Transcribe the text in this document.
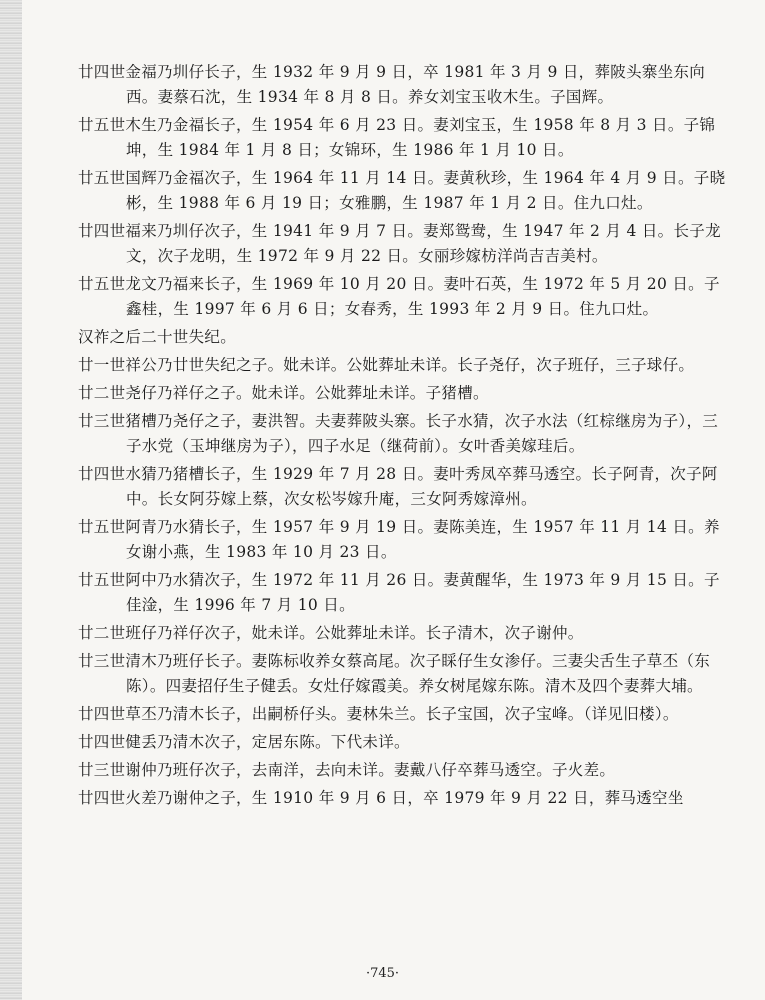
廿四世金福乃圳仔长子，生 1932 年 9 月 9 日，卒 1981 年 3 月 9 日，葬陂头寨坐东向西。妻蔡石沈，生 1934 年 8 月 8 日。养女刘宝玉收木生。子国辉。

廿五世木生乃金福长子，生 1954 年 6 月 23 日。妻刘宝玉，生 1958 年 8 月 3 日。子锦坤，生 1984 年 1 月 8 日；女锦环，生 1986 年 1 月 10 日。

廿五世国辉乃金福次子，生 1964 年 11 月 14 日。妻黄秋珍，生 1964 年 4 月 9 日。子晓彬，生 1988 年 6 月 19 日；女雅鹏，生 1987 年 1 月 2 日。住九口灶。

廿四世福来乃圳仔次子，生 1941 年 9 月 7 日。妻郑鸳鸯，生 1947 年 2 月 4 日。长子龙文，次子龙明，生 1972 年 9 月 22 日。女丽珍嫁枋洋尚吉吉美村。

廿五世龙文乃福来长子，生 1969 年 10 月 20 日。妻叶石英，生 1972 年 5 月 20 日。子鑫桂，生 1997 年 6 月 6 日；女春秀，生 1993 年 2 月 9 日。住九口灶。

汉祚之后二十世失纪。

廿一世祥公乃廿世失纪之子。妣未详。公妣葬址未详。长子尧仔，次子班仔，三子球仔。

廿二世尧仔乃祥仔之子。妣未详。公妣葬址未详。子猪槽。

廿三世猪槽乃尧仔之子，妻洪智。夫妻葬陂头寨。长子水猜，次子水法（红棕继房为子），三子水党（玉坤继房为子），四子水足（继荷前）。女叶香美嫁珪后。

廿四世水猜乃猪槽长子，生 1929 年 7 月 28 日。妻叶秀凤卒葬马透空。长子阿青，次子阿中。长女阿芬嫁上蔡，次女松岑嫁升庵，三女阿秀嫁漳州。

廿五世阿青乃水猜长子，生 1957 年 9 月 19 日。妻陈美连，生 1957 年 11 月 14 日。养女谢小燕，生 1983 年 10 月 23 日。

廿五世阿中乃水猜次子，生 1972 年 11 月 26 日。妻黄醒华，生 1973 年 9 月 15 日。子佳淦，生 1996 年 7 月 10 日。

廿二世班仔乃祥仔次子，妣未详。公妣葬址未详。长子清木，次子谢仲。

廿三世清木乃班仔长子。妻陈标收养女蔡高尾。次子睬仔生女渗仔。三妻尖舌生子草丕（东陈）。四妻招仔生子健丢。女灶仔嫁霞美。养女树尾嫁东陈。清木及四个妻葬大埔。

廿四世草丕乃清木长子，出嗣桥仔头。妻林朱兰。长子宝国，次子宝峰。（详见旧楼）。

廿四世健丢乃清木次子，定居东陈。下代未详。

廿三世谢仲乃班仔次子，去南洋，去向未详。妻戴八仔卒葬马透空。子火差。

廿四世火差乃谢仲之子，生 1910 年 9 月 6 日，卒 1979 年 9 月 22 日，葬马透空坐

·745·
